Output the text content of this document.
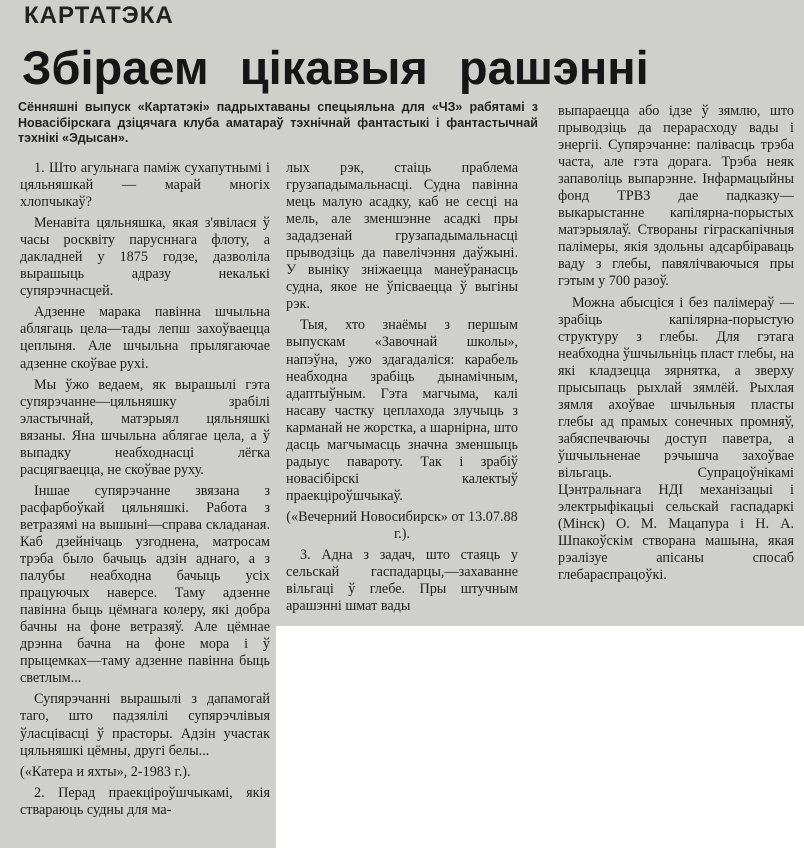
КАРТАТЭКА
Збіраем цікавыя рашэнні
Сённяшні выпуск «Картатэкі» падрыхтаваны спецыяльна для «ЧЗ» рабятамі з Новасібірскага дзіцячага клуба аматараў тэхнічнай фантастыкі і фантастычнай тэхнікі «Эдысан».

1. Што агульнага паміж сухапутнымі і цяльняшкай — марай многіх хлопчыкаў?

Менавіта цяльняшка, якая з'явілася ў часы росквіту парусннага флоту, а дакладней у 1875 годзе, дазволіла вырашыць адразу некалькі супярэчнасцей.

Адзенне марака павінна шчыльна аблягаць цела—тады лепш захоўваецца цеплыня. Але шчыльна прылягаючае адзенне скоўвае рухі.

Мы ўжо ведаем, як вырашылі гэта супярэчанне—цяльняшку зрабілі эластычнай, матэрыял цяльняшкі вязаны. Яна шчыльна аблягае цела, а ў выпадку неабходнасці лёгка расцягваецца, не скоўвае руху.

Іншае супярэчанне звязана з расфарбоўкай цяльняшкі. Работа з ветразямі на вышыні—справа складаная. Каб дзейнічаць узгоднена, матросам трэба было бачыць адзін аднаго, а з палубы неабходна бачыць усіх працуючых наверсе. Таму адзенне павінна быць цёмнага колеру, які добра бачны на фоне ветразяў. Але цёмнае дрэнна бачна на фоне мора і ў прыцемках—таму адзенне павінна быць светлым...

Супярэчанні вырашылі з дапамогай таго, што падзялілі супярэчлівыя ўласцівасці ў прасторы. Адзін участак цяльняшкі цёмны, другі белы...

(«Катера и яхты», 2-1983 г.).

2. Перад праекціроўшчыкамі, якія ствараюць судны для ма-

лых рэк, стаіць праблема грузападымальнасці. Судна павінна мець малую асадку, каб не сесці на мель, але зменшэнне асадкі пры зададзенай грузападымальнасці прыводзіць да павелічэння даўжыні. У выніку зніжаецца манеўранасць судна, якое не ўпісваецца ў выгіны рэк.

Тыя, хто знаёмы з першым выпускам «Завочнай школы», напэўна, ужо здагадаліся: карабель неабходна зрабіць дынамічным, адаптыўным. Гэта магчыма, калі насаву частку цеплахода злучыць з карманай не жорстка, а шарнірна, што дасць магчымасць значна зменшыць радыус павароту. Так і зрабіў новасібірскі калектыў праекціроўшчыкаў.

(«Вечерний Новосибирск» от 13.07.88 г.).

3. Адна з задач, што стаяць у сельскай гаспадарцы,—захаванне вільгаці ў глебе. Пры штучным арашэнні шмат вады

выпараецца або ідзе ў зямлю, што прыводзіць да перарасходу вады і энергіі. Супярэчанне: палівасць трэба часта, але гэта дорага. Трэба неяк запаволіць выпарэнне. Інфармацыйны фонд ТРВЗ дае падказку—выкарыстанне капілярна-порыстых матэрыялаў. Створаны гіграскапічныя палімеры, якія здольны адсарбіраваць ваду з глебы, павялічваючыся пры гэтым у 700 разоў.

Можна абысціся і без палімераў — зрабіць капілярна-порыстую структуру з глебы. Для гэтага неабходна ўшчыльніць пласт глебы, на які кладзецца зярнятка, а зверху прысыпаць рыхлай зямлёй. Рыхлая зямля ахоўвае шчыльныя пласты глебы ад прамых сонечных промняў, забяспечваючы доступ паветра, а ўшчыльненае рэчышча захоўвае вільгаць. Супрацоўнікамі Цэнтральнага НДІ механізацыі і электрыфікацыі сельскай гаспадаркі (Мінск) О. М. Мацапура і Н. А. Шпакоўскім створана машына, якая рэалізуе апісаны спосаб глебараспрацоўкі.
